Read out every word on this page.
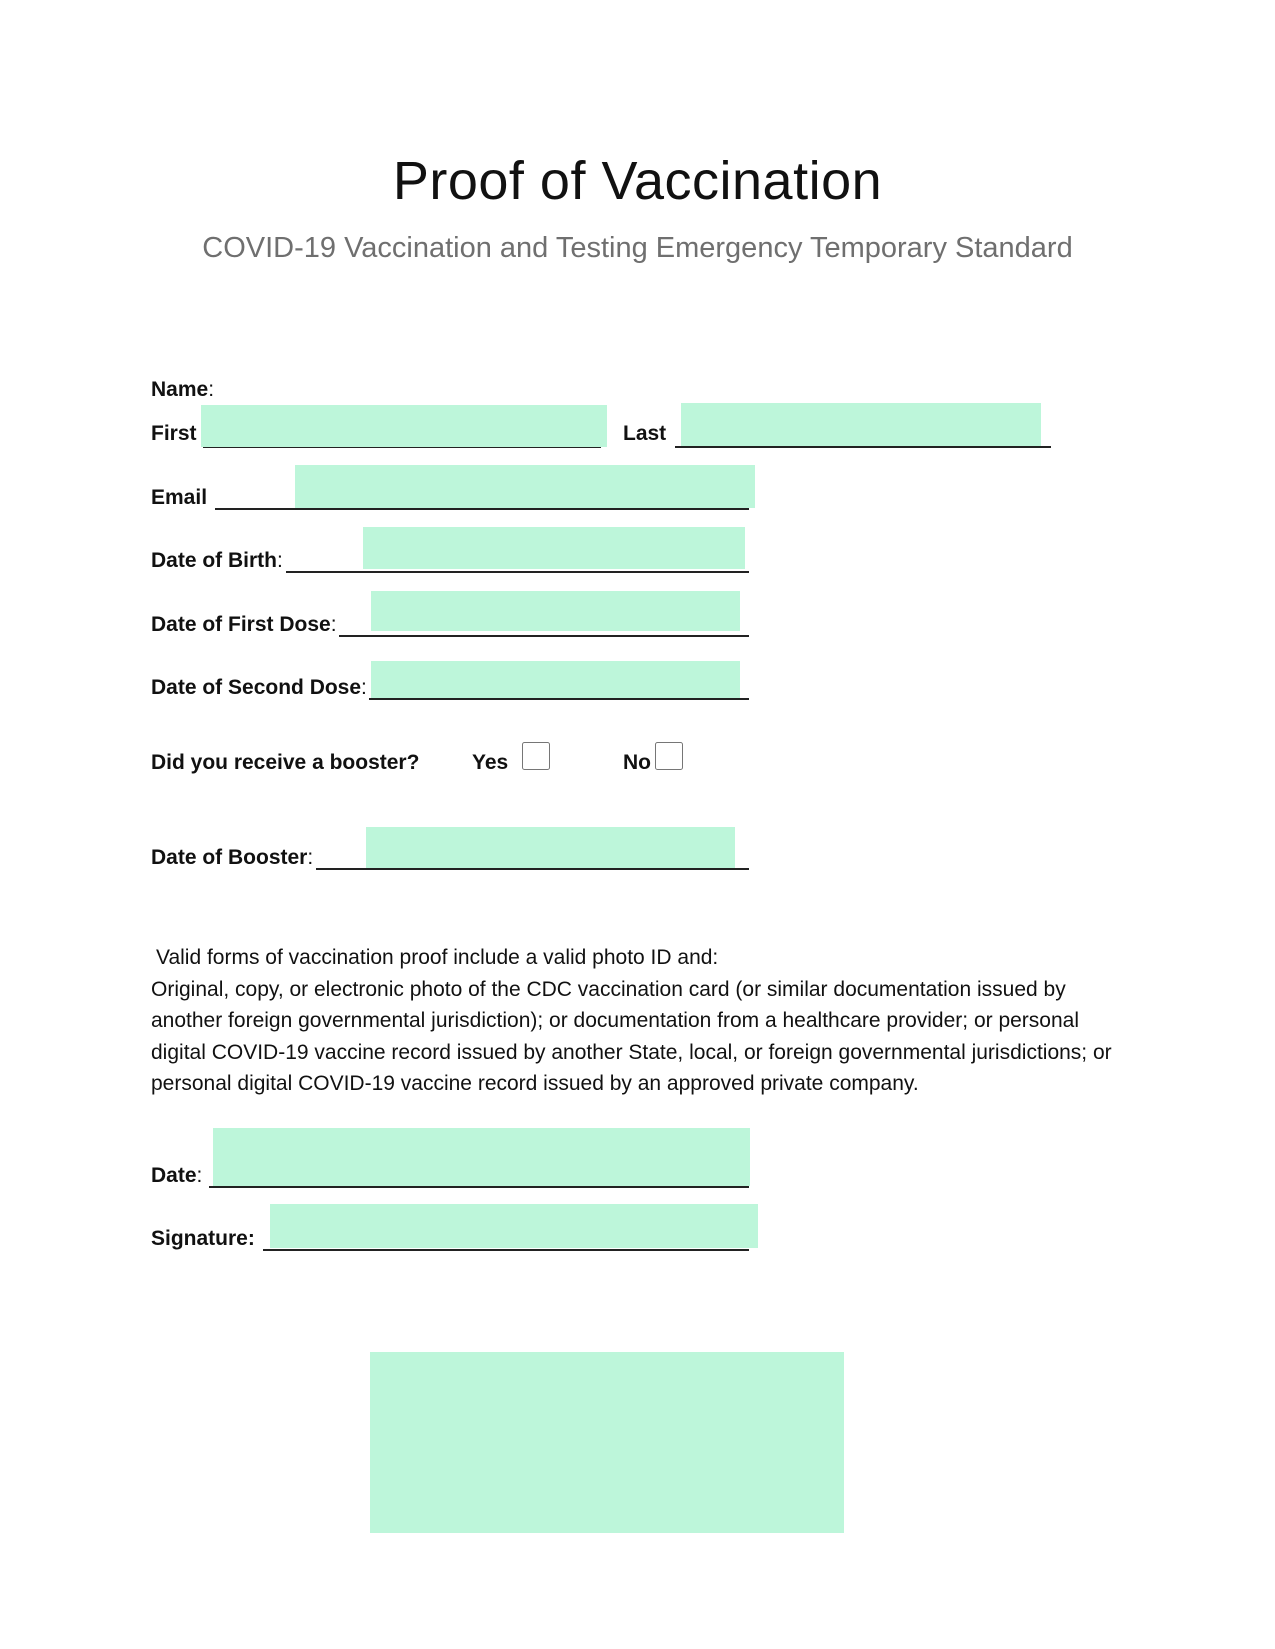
Proof of Vaccination
COVID-19 Vaccination and Testing Emergency Temporary Standard
Name:
First	Last
Email
Date of Birth:
Date of First Dose:
Date of Second Dose:
Did you receive a booster?	Yes	No
Date of Booster:

Valid forms of vaccination proof include a valid photo ID and:

Original, copy, or electronic photo of the CDC vaccination card (or similar documentation issued by another foreign governmental jurisdiction); or documentation from a healthcare provider; or personal digital COVID-19 vaccine record issued by another State, local, or foreign governmental jurisdictions; or personal digital COVID-19 vaccine record issued by an approved private company.

Date:
Signature:
